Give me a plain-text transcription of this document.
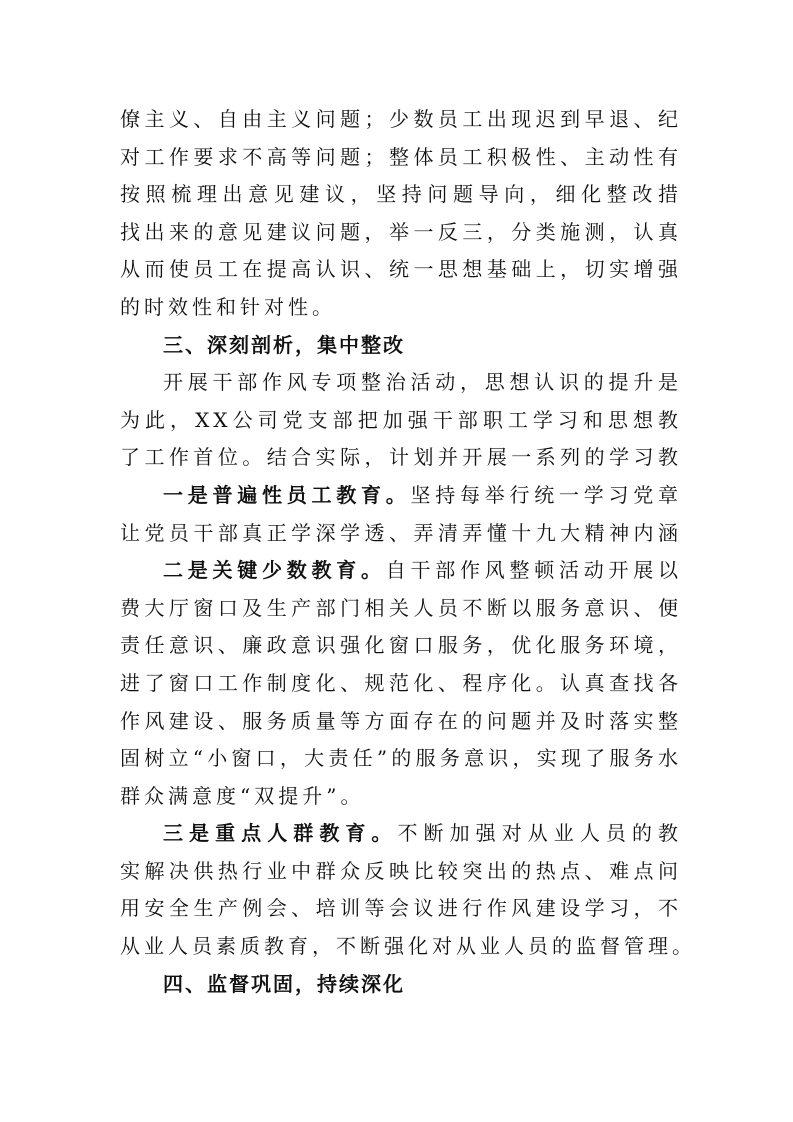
僚主义、自由主义问题；少数员工出现迟到早退、纪
对工作要求不高等问题；整体员工积极性、主动性有
按照梳理出意见建议，坚持问题导向，细化整改措
找出来的意见建议问题，举一反三，分类施测，认真
从而使员工在提高认识、统一思想基础上，切实增强
的时效性和针对性。
三、深刻剖析，集中整改
开展干部作风专项整治活动，思想认识的提升是
为此，XX公司党支部把加强干部职工学习和思想教
了工作首位。结合实际，计划并开展一系列的学习教
一是普遍性员工教育。坚持每举行统一学习党章
让党员干部真正学深学透、弄清弄懂十九大精神内涵
二是关键少数教育。自干部作风整顿活动开展以
费大厅窗口及生产部门相关人员不断以服务意识、便
责任意识、廉政意识强化窗口服务，优化服务环境，
进了窗口工作制度化、规范化、程序化。认真查找各
作风建设、服务质量等方面存在的问题并及时落实整
固树立“小窗口，大责任”的服务意识，实现了服务水
群众满意度“双提升”。
三是重点人群教育。不断加强对从业人员的教
实解决供热行业中群众反映比较突出的热点、难点问
用安全生产例会、培训等会议进行作风建设学习，不
从业人员素质教育，不断强化对从业人员的监督管理。
四、监督巩固，持续深化
